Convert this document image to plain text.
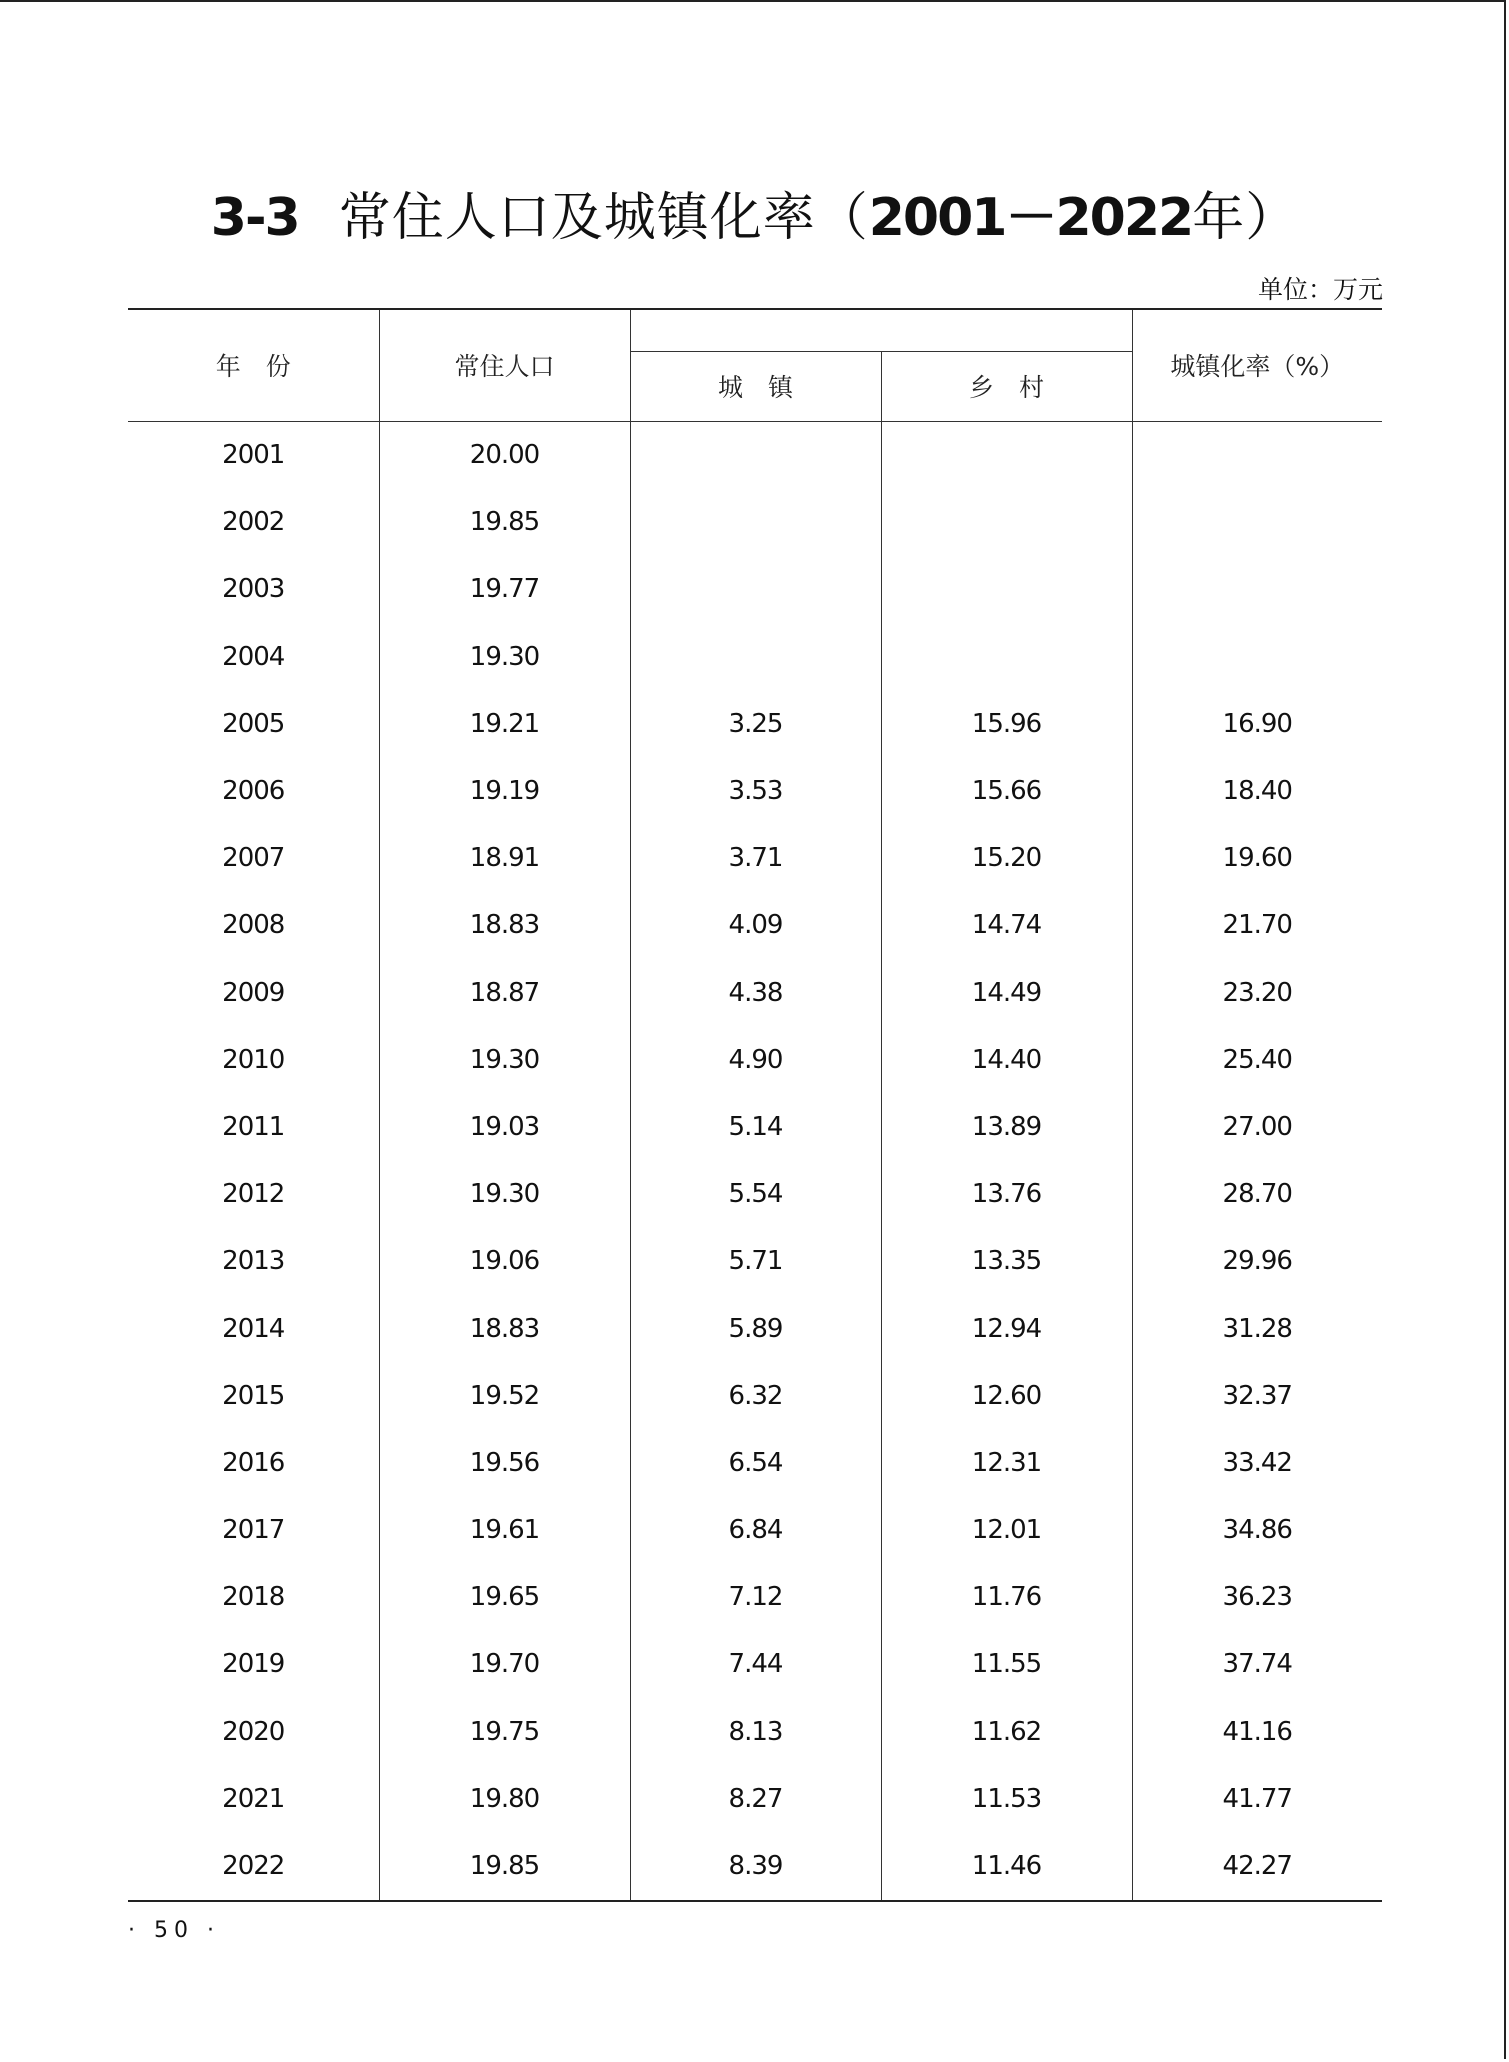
3-3 常住人口及城镇化率（2001－2022年）
单位：万元
年　份	常住人口			城镇化率（%）
		城　镇	乡　村	
2001	20.00			
2002	19.85			
2003	19.77			
2004	19.30			
2005	19.21	3.25	15.96	16.90
2006	19.19	3.53	15.66	18.40
2007	18.91	3.71	15.20	19.60
2008	18.83	4.09	14.74	21.70
2009	18.87	4.38	14.49	23.20
2010	19.30	4.90	14.40	25.40
2011	19.03	5.14	13.89	27.00
2012	19.30	5.54	13.76	28.70
2013	19.06	5.71	13.35	29.96
2014	18.83	5.89	12.94	31.28
2015	19.52	6.32	12.60	32.37
2016	19.56	6.54	12.31	33.42
2017	19.61	6.84	12.01	34.86
2018	19.65	7.12	11.76	36.23
2019	19.70	7.44	11.55	37.74
2020	19.75	8.13	11.62	41.16
2021	19.80	8.27	11.53	41.77
2022	19.85	8.39	11.46	42.27
· 50 ·
